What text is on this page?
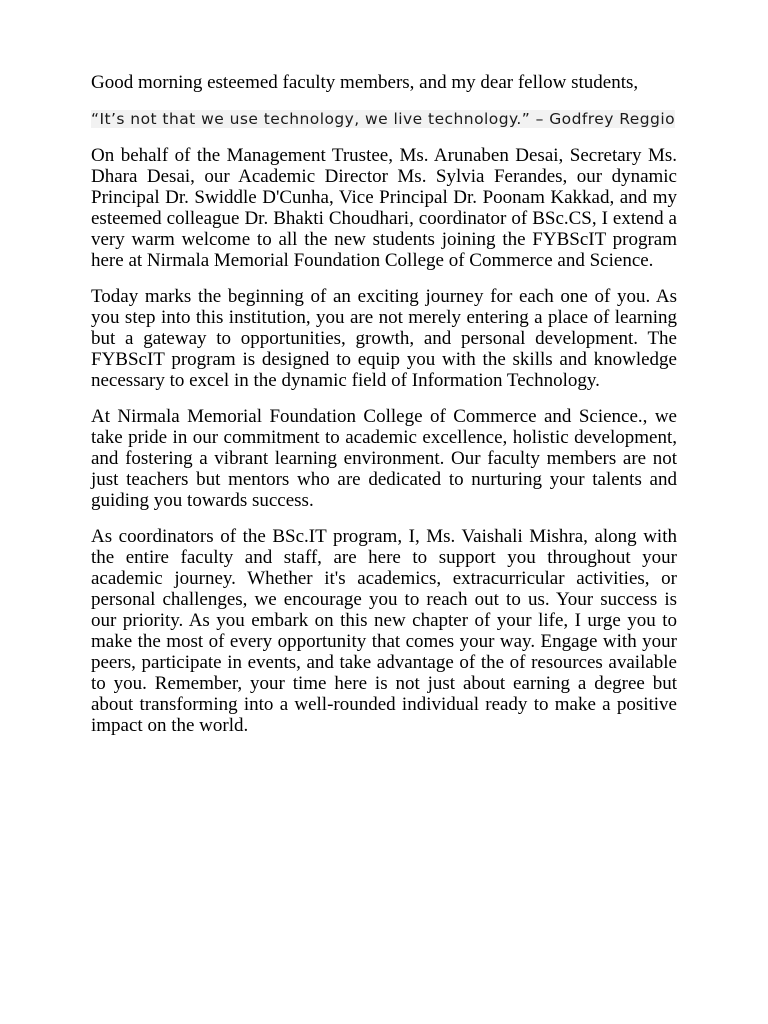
Good morning esteemed faculty members, and my dear fellow students,

“It’s not that we use technology, we live technology.” – Godfrey Reggio

On behalf of the Management Trustee, Ms. Arunaben Desai, Secretary Ms. Dhara Desai, our Academic Director Ms. Sylvia Ferandes, our dynamic Principal Dr. Swiddle D'Cunha, Vice Principal Dr. Poonam Kakkad, and my esteemed colleague Dr. Bhakti Choudhari, coordinator of BSc.CS, I extend a very warm welcome to all the new students joining the FYBScIT program here at Nirmala Memorial Foundation College of Commerce and Science.

Today marks the beginning of an exciting journey for each one of you. As you step into this institution, you are not merely entering a place of learning but a gateway to opportunities, growth, and personal development. The FYBScIT program is designed to equip you with the skills and knowledge necessary to excel in the dynamic field of Information Technology.

At Nirmala Memorial Foundation College of Commerce and Science., we take pride in our commitment to academic excellence, holistic development, and fostering a vibrant learning environment. Our faculty members are not just teachers but mentors who are dedicated to nurturing your talents and guiding you towards success.

As coordinators of the BSc.IT program, I, Ms. Vaishali Mishra, along with the entire faculty and staff, are here to support you throughout your academic journey. Whether it's academics, extracurricular activities, or personal challenges, we encourage you to reach out to us. Your success is our priority. As you embark on this new chapter of your life, I urge you to make the most of every opportunity that comes your way. Engage with your peers, participate in events, and take advantage of the of resources available to you. Remember, your time here is not just about earning a degree but about transforming into a well-rounded individual ready to make a positive impact on the world.
